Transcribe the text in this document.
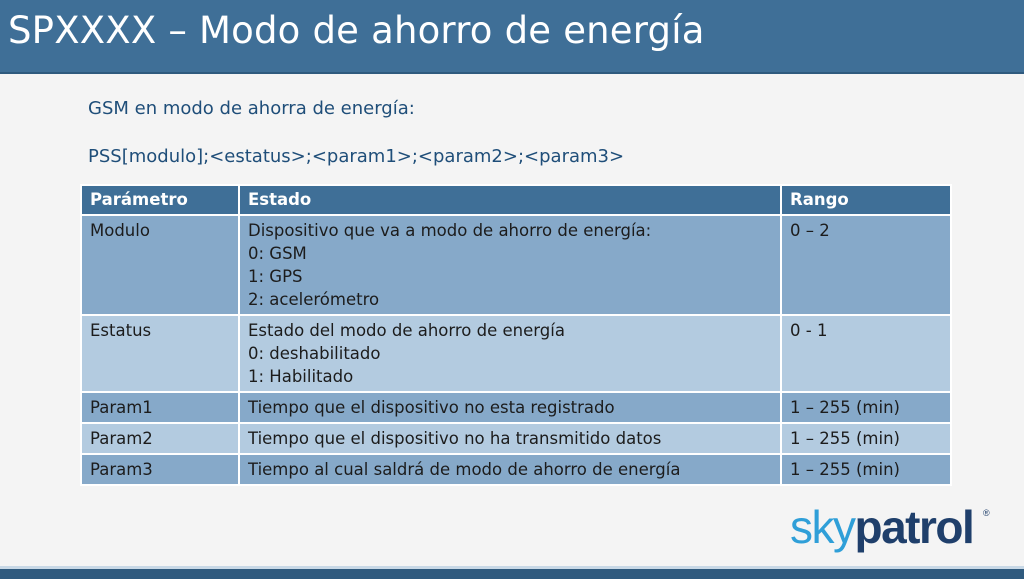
SPXXXX – Modo de ahorro de energía
GSM en modo de ahorra de energía:
PSS[modulo];<estatus>;<param1>;<param2>;<param3>
Parámetro	Estado	Rango
Modulo	Dispositivo que va a modo de ahorro de energía:
0: GSM
1: GPS
2: acelerómetro	0 – 2
Estatus	Estado del modo de ahorro de energía
0: deshabilitado
1: Habilitado	0 - 1
Param1	Tiempo que el dispositivo no esta registrado	1 – 255 (min)
Param2	Tiempo que el dispositivo no ha transmitido datos	1 – 255 (min)
Param3	Tiempo al cual saldrá de modo de ahorro de energía	1 – 255 (min)
skypatrol ®
